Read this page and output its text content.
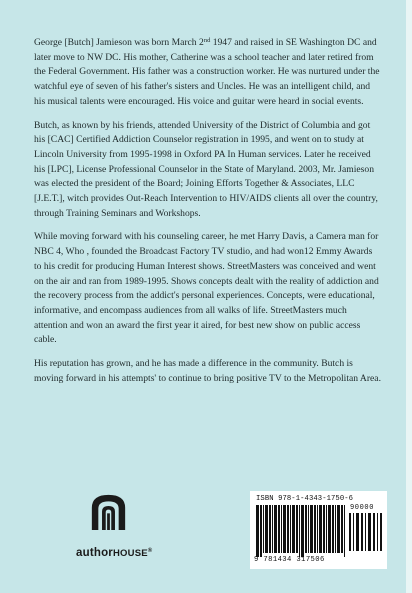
George [Butch] Jamieson was born March 2nd 1947 and raised in SE Washington DC and later move to NW DC. His mother, Catherine was a school teacher and later retired from the Federal Government. His father was a construction worker. He was nurtured under the watchful eye of seven of his father's sisters and Uncles. He was an intelligent child, and his musical talents were encouraged. His voice and guitar were heard in social events.

Butch, as known by his friends, attended University of the District of Columbia and got his [CAC] Certified Addiction Counselor registration in 1995, and went on to study at Lincoln University from 1995-1998 in Oxford PA In Human services. Later he received his [LPC], License Professional Counselor in the State of Maryland. 2003, Mr. Jamieson was elected the president of the Board; Joining Efforts Together & Associates, LLC [J.E.T.], witch provides Out-Reach Intervention to HIV/AIDS clients all over the country, through Training Seminars and Workshops.

While moving forward with his counseling career, he met Harry Davis, a Camera man for NBC 4, Who , founded the Broadcast Factory TV studio, and had won12 Emmy Awards to his credit for producing Human Interest shows. StreetMasters was conceived and went on the air and ran from 1989-1995. Shows concepts dealt with the reality of addiction and the recovery process from the addict's personal experiences. Concepts, were educational, informative, and encompass audiences from all walks of life. StreetMasters much attention and won an award the first year it aired, for best new show on public access cable.

His reputation has grown, and he has made a difference in the community. Butch is moving forward in his attempts' to continue to bring positive TV to the Metropolitan Area.

authorHOUSE®
ISBN 978-1-4343-1750-6
90000
9 781434 317506
